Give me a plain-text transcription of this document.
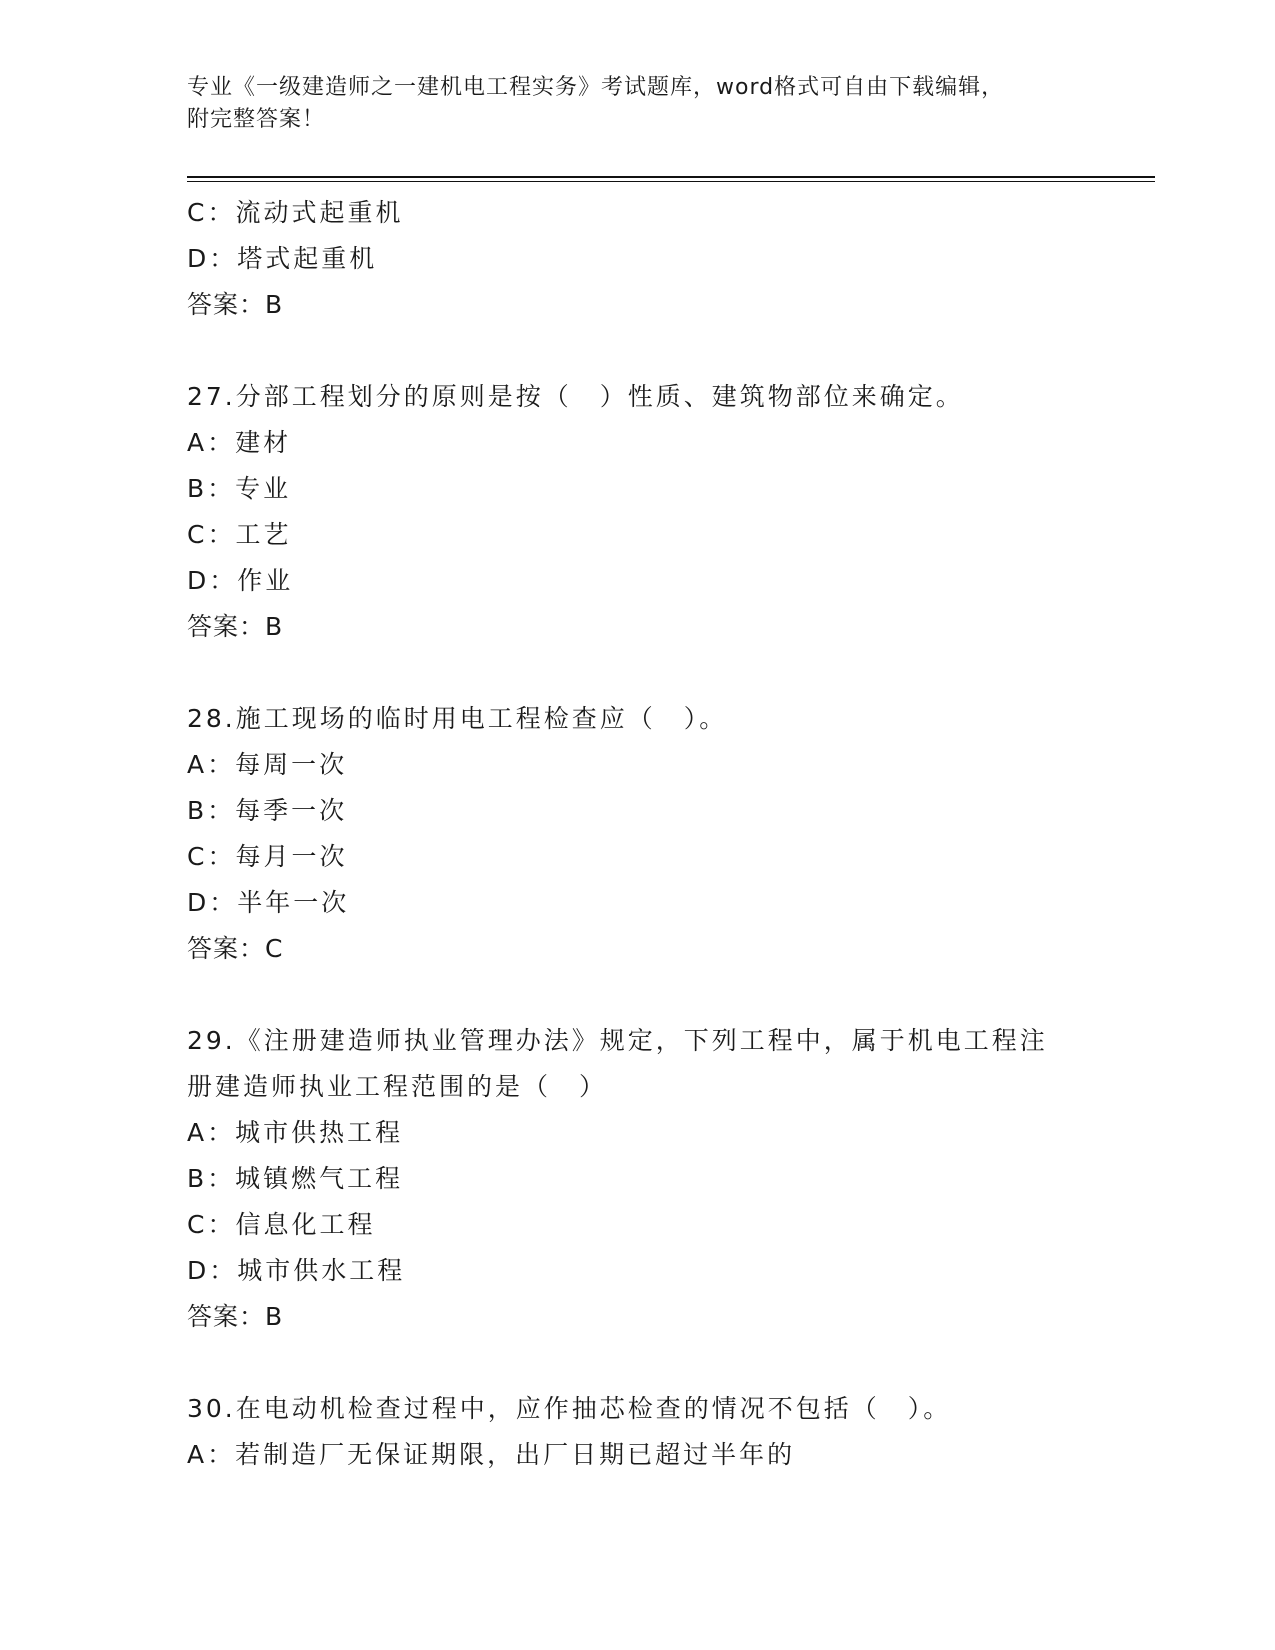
专业《一级建造师之一建机电工程实务》考试题库，word格式可自由下载编辑，
附完整答案！
C：流动式起重机
D：塔式起重机
答案：B
27.分部工程划分的原则是按（　）性质、建筑物部位来确定。
A：建材
B：专业
C：工艺
D：作业
答案：B
28.施工现场的临时用电工程检查应（　）。
A：每周一次
B：每季一次
C：每月一次
D：半年一次
答案：C
29.《注册建造师执业管理办法》规定，下列工程中，属于机电工程注
册建造师执业工程范围的是（　）
A：城市供热工程
B：城镇燃气工程
C：信息化工程
D：城市供水工程
答案：B
30.在电动机检查过程中，应作抽芯检查的情况不包括（　）。
A：若制造厂无保证期限，出厂日期已超过半年的
